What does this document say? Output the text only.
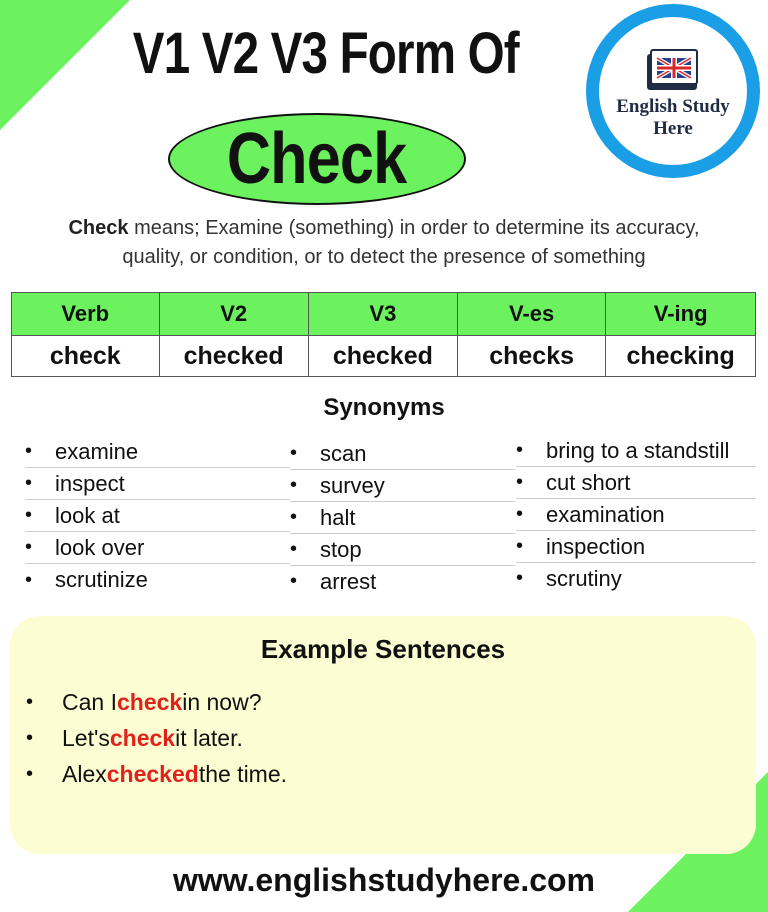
V1 V2 V3 Form Of
Check
English Study
Here
Check means; Examine (something) in order to determine its accuracy,
quality, or condition, or to detect the presence of something
Verb	V2	V3	V-es	V-ing
check	checked	checked	checks	checking
Synonyms
•	examine
•	inspect
•	look at
•	look over
•	scrutinize
•	scan
•	survey
•	halt
•	stop
•	arrest
•	bring to a standstill
•	cut short
•	examination
•	inspection
•	scrutiny
Example Sentences
•	Can I check in now?
•	Let's check it later.
•	Alex checked the time.
www.englishstudyhere.com
